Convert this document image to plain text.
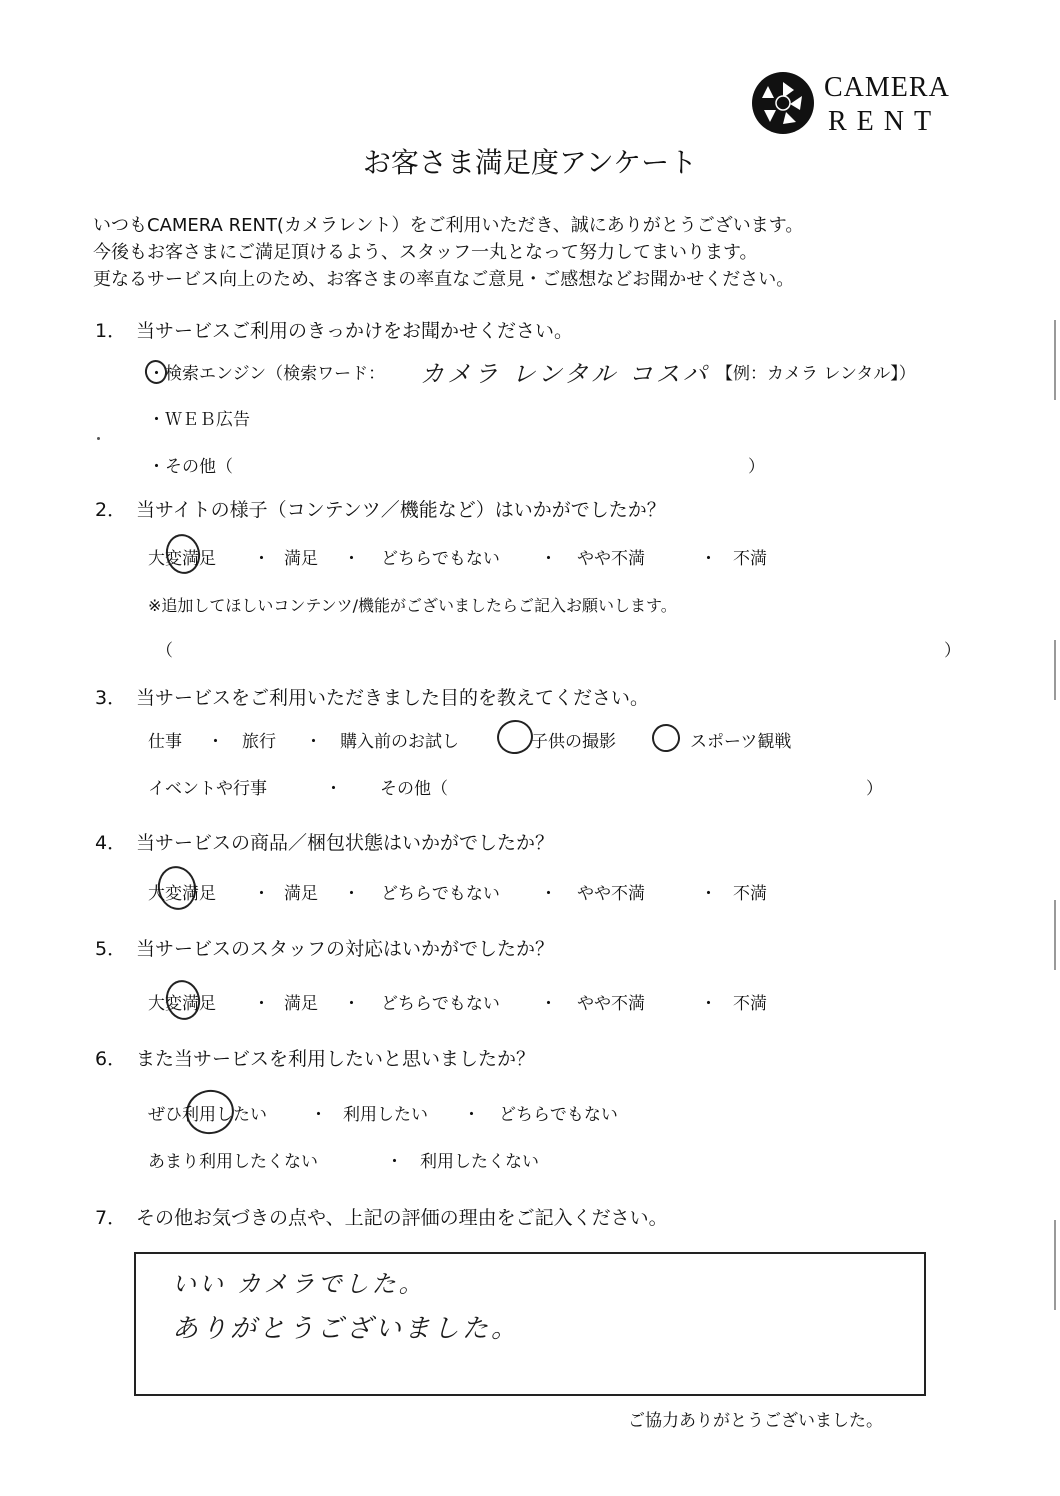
CAMERA
RENT
お客さま満足度アンケート
いつもCAMERA RENT(カメラレント）をご利用いただき、誠にありがとうございます。
今後もお客さまにご満足頂けるよう、スタッフ一丸となって努力してまいります。
更なるサービス向上のため、お客さまの率直なご意見・ご感想などお聞かせください。
1． 当サービスご利用のきっかけをお聞かせください。
・検索エンジン（検索ワード： カメラ レンタル コスパ 【例：カメラ レンタル】）
・ＷＥＢ広告
・その他（	）
2． 当サイトの様子（コンテンツ／機能など）はいかがでしたか？
大変満足 ・ 満足 ・ どちらでもない ・ やや不満	・ 不満
※追加してほしいコンテンツ/機能がございましたらご記入お願いします。
（	）
3． 当サービスをご利用いただきました目的を教えてください。
仕事 ・ 旅行 ・ 購入前のお試し	子供の撮影	スポーツ観戦
イベントや行事	・ その他（	）
4． 当サービスの商品／梱包状態はいかがでしたか？
大変満足 ・ 満足 ・ どちらでもない ・ やや不満	・ 不満
5． 当サービスのスタッフの対応はいかがでしたか？
大変満足 ・ 満足 ・ どちらでもない ・ やや不満	・ 不満
6． また当サービスを利用したいと思いましたか？
ぜひ利用したい	・ 利用したい ・ どちらでもない
あまり利用したくない	・ 利用したくない
7． その他お気づきの点や、上記の評価の理由をご記入ください。
いい カメラでした。
ありがとうございました。
ご協力ありがとうございました。
